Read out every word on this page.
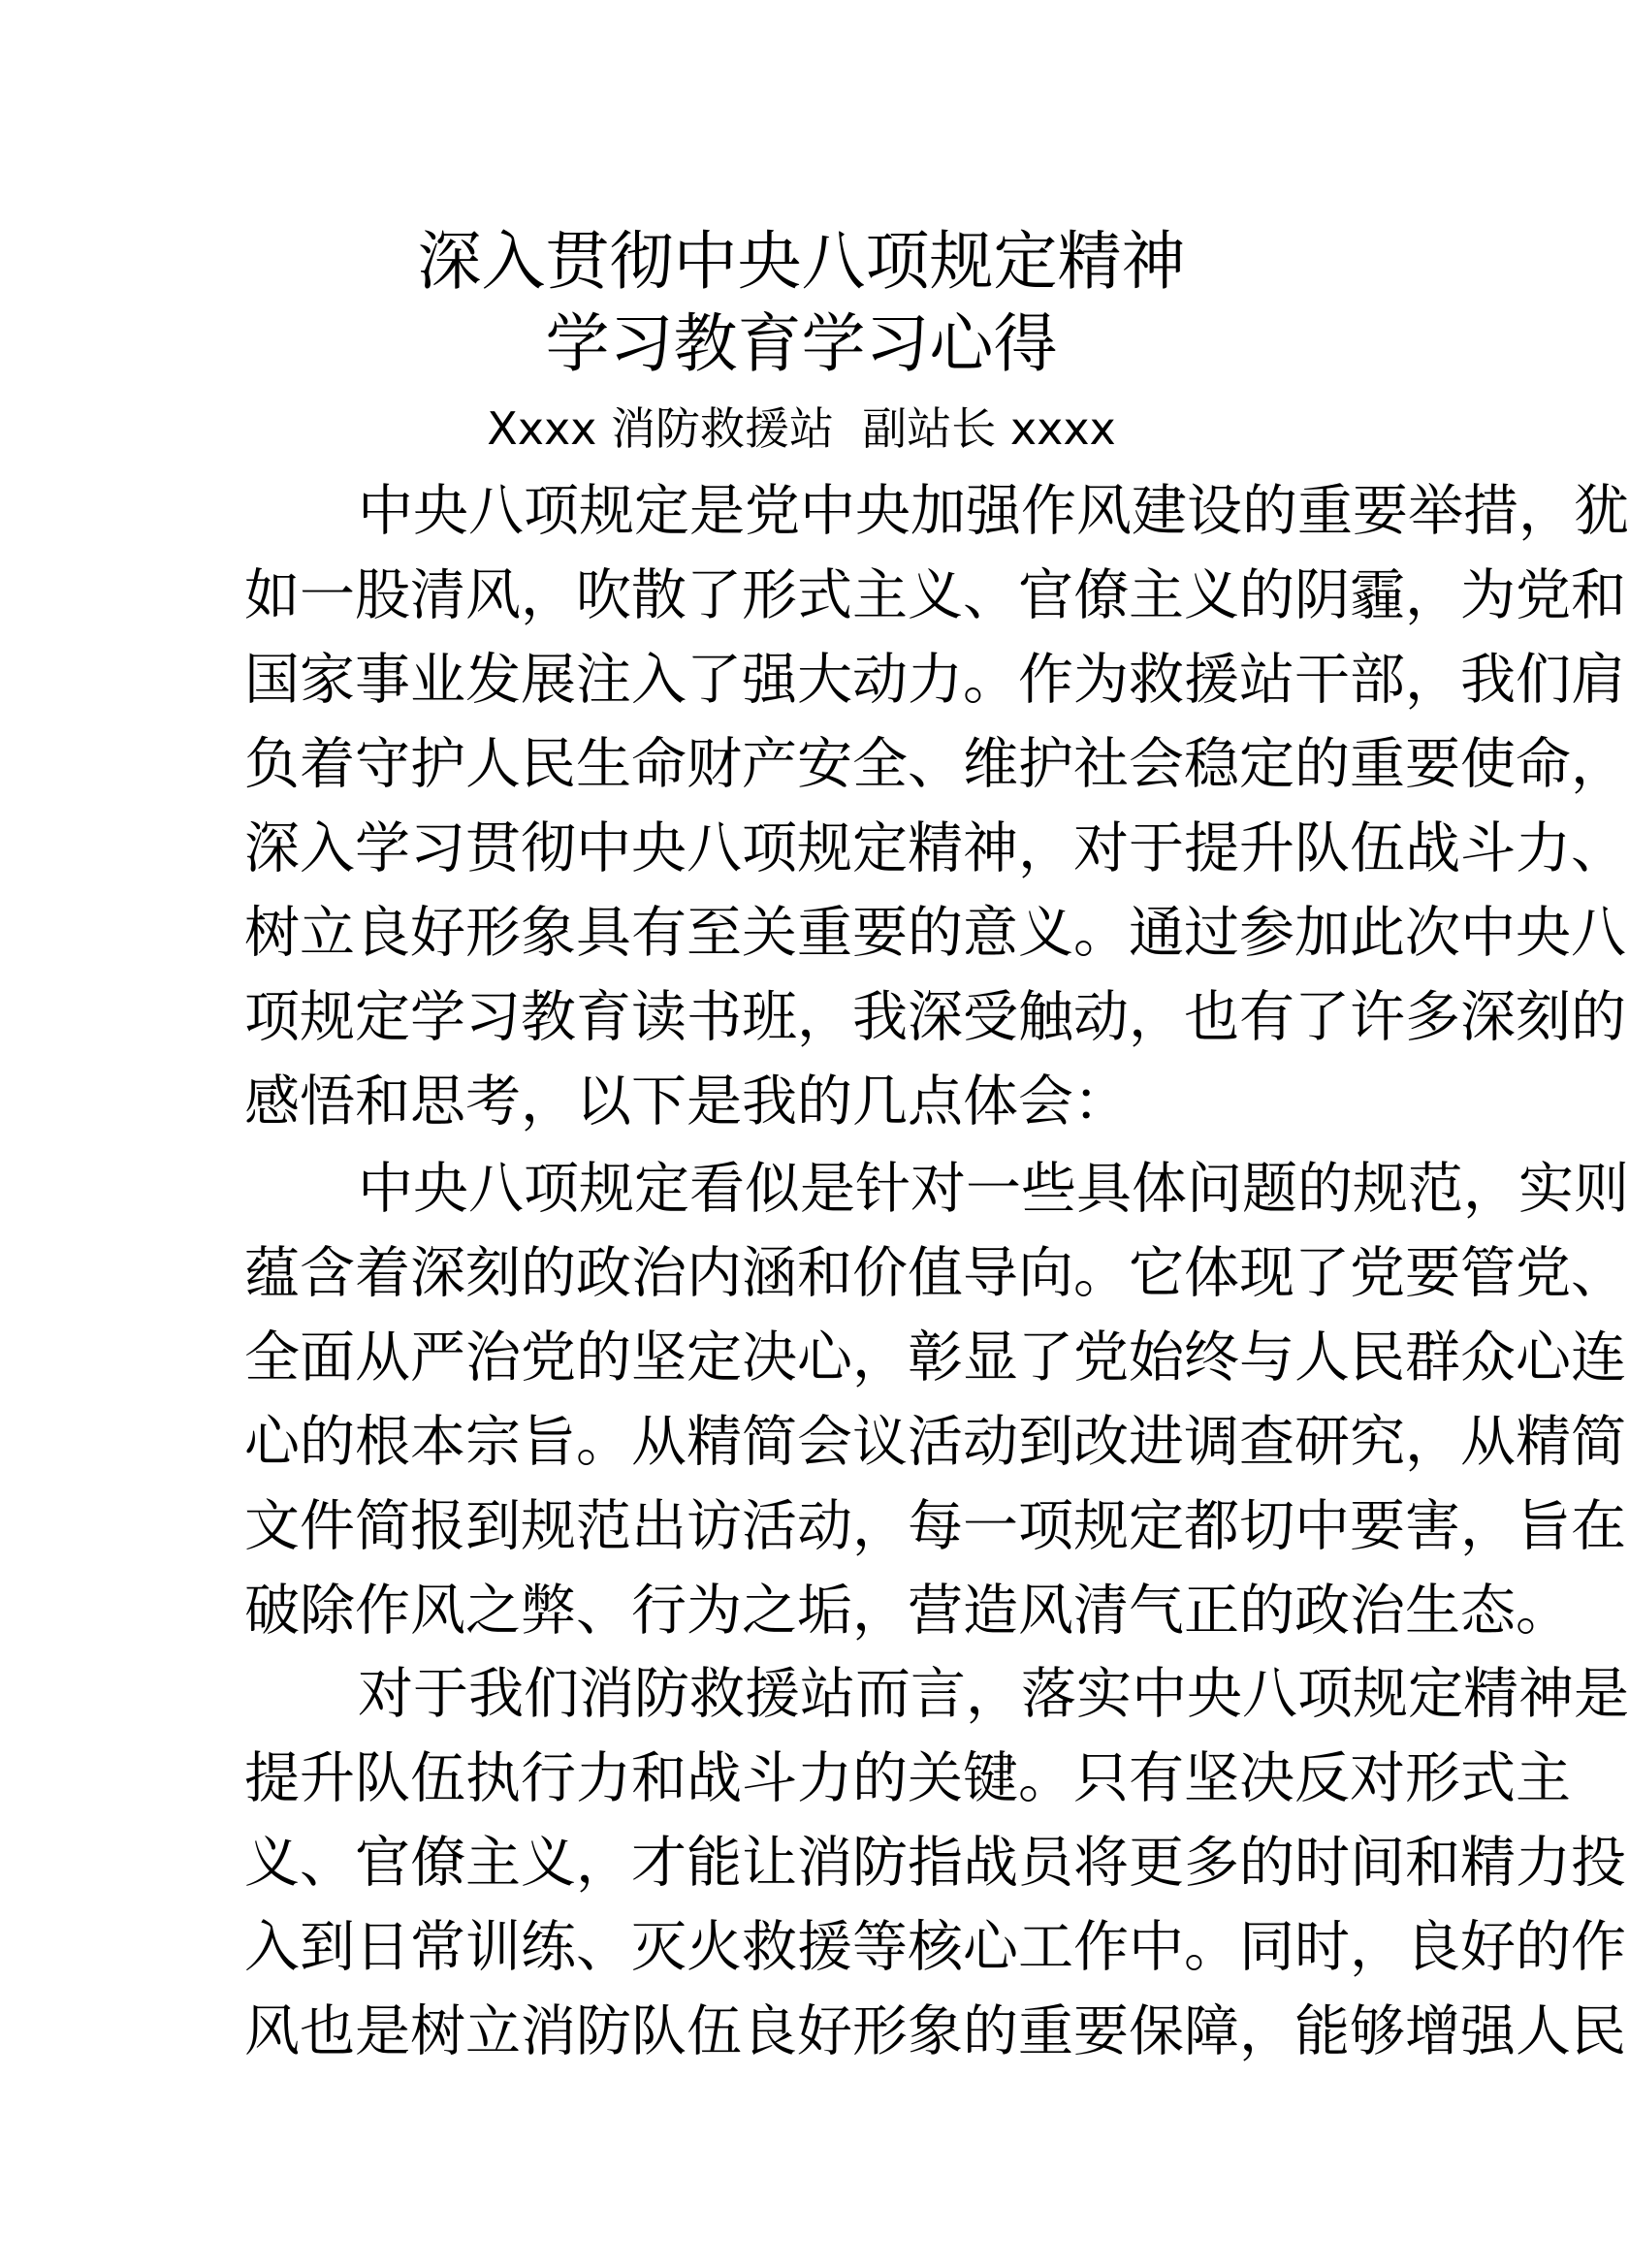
深入贯彻中央八项规定精神
学习教育学习心得
Xxxx 消防救援站  副站长 xxxx
中央八项规定是党中央加强作风建设的重要举措，犹
如一股清风，吹散了形式主义、官僚主义的阴霾，为党和
国家事业发展注入了强大动力。作为救援站干部，我们肩
负着守护人民生命财产安全、维护社会稳定的重要使命，
深入学习贯彻中央八项规定精神，对于提升队伍战斗力、
树立良好形象具有至关重要的意义。通过参加此次中央八
项规定学习教育读书班，我深受触动，也有了许多深刻的
感悟和思考，以下是我的几点体会：
中央八项规定看似是针对一些具体问题的规范，实则
蕴含着深刻的政治内涵和价值导向。它体现了党要管党、
全面从严治党的坚定决心，彰显了党始终与人民群众心连
心的根本宗旨。从精简会议活动到改进调查研究，从精简
文件简报到规范出访活动，每一项规定都切中要害，旨在
破除作风之弊、行为之垢，营造风清气正的政治生态。
对于我们消防救援站而言，落实中央八项规定精神是
提升队伍执行力和战斗力的关键。只有坚决反对形式主
义、官僚主义，才能让消防指战员将更多的时间和精力投
入到日常训练、灭火救援等核心工作中。同时，良好的作
风也是树立消防队伍良好形象的重要保障，能够增强人民
